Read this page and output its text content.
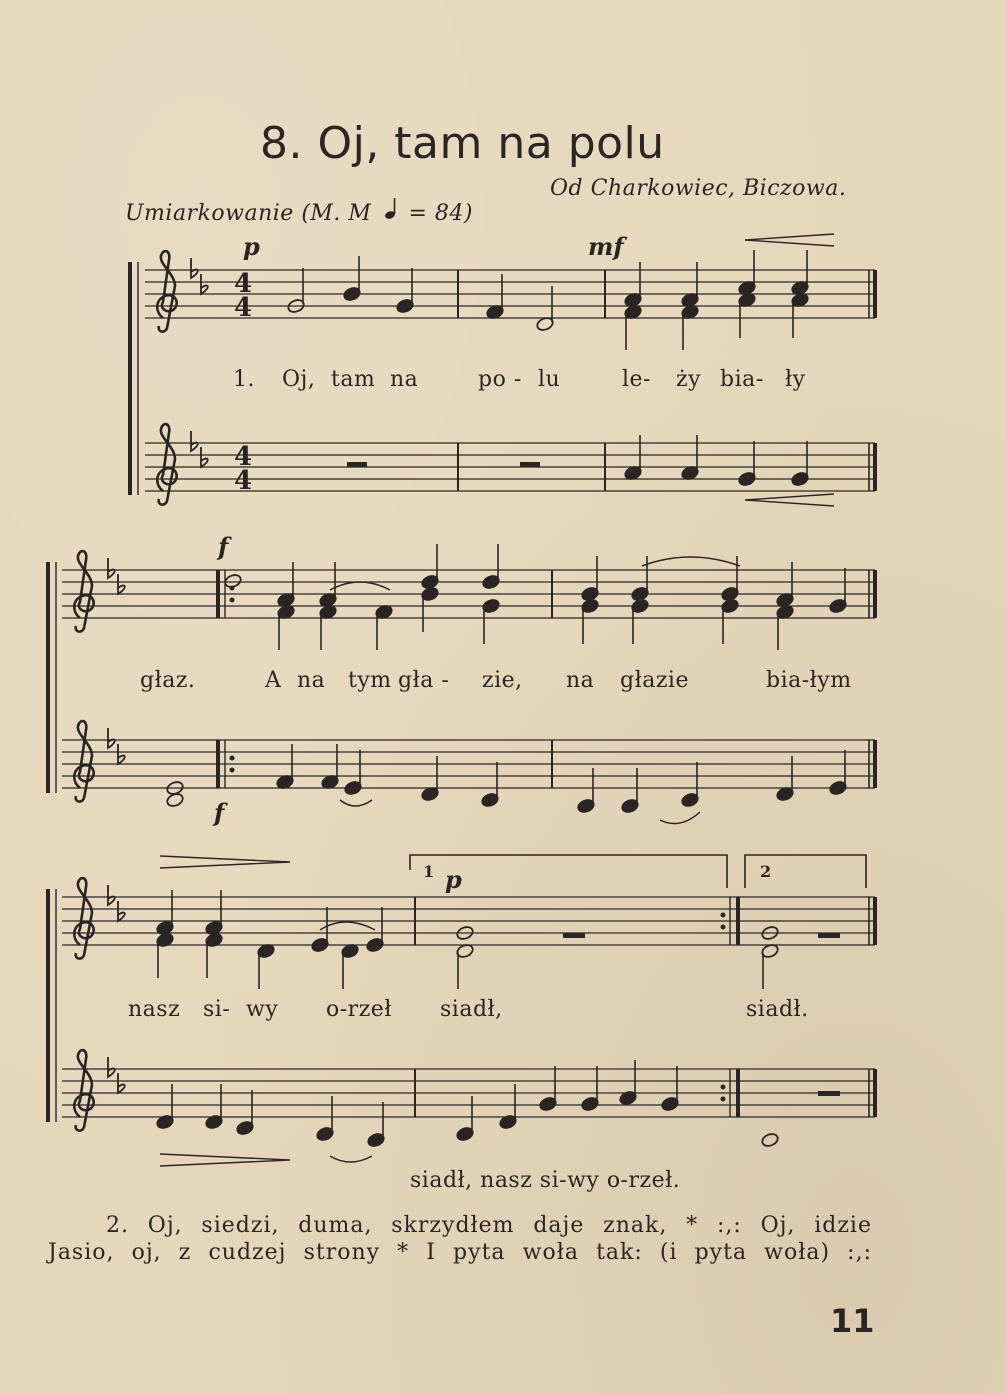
8. Oj, tam na polu
Od Charkowiec, Biczowa.
Umiarkowanie (M. M = 84)
p	mf
f
f
p
1	2
4
4
4
4
1. Oj, tam na	po - lu	le- ży bia- ły
głaz.	A na tym gła - zie, na głazie	bia-łym
nasz si- wy o-rzeł siadł,	siadł.
siadł, nasz si-wy o-rzeł.
2. Oj, siedzi, duma, skrzydłem daje znak, * :,: Oj, idzie
Jasio, oj, z cudzej strony * I pyta woła tak: (i pyta woła) :,:
11
